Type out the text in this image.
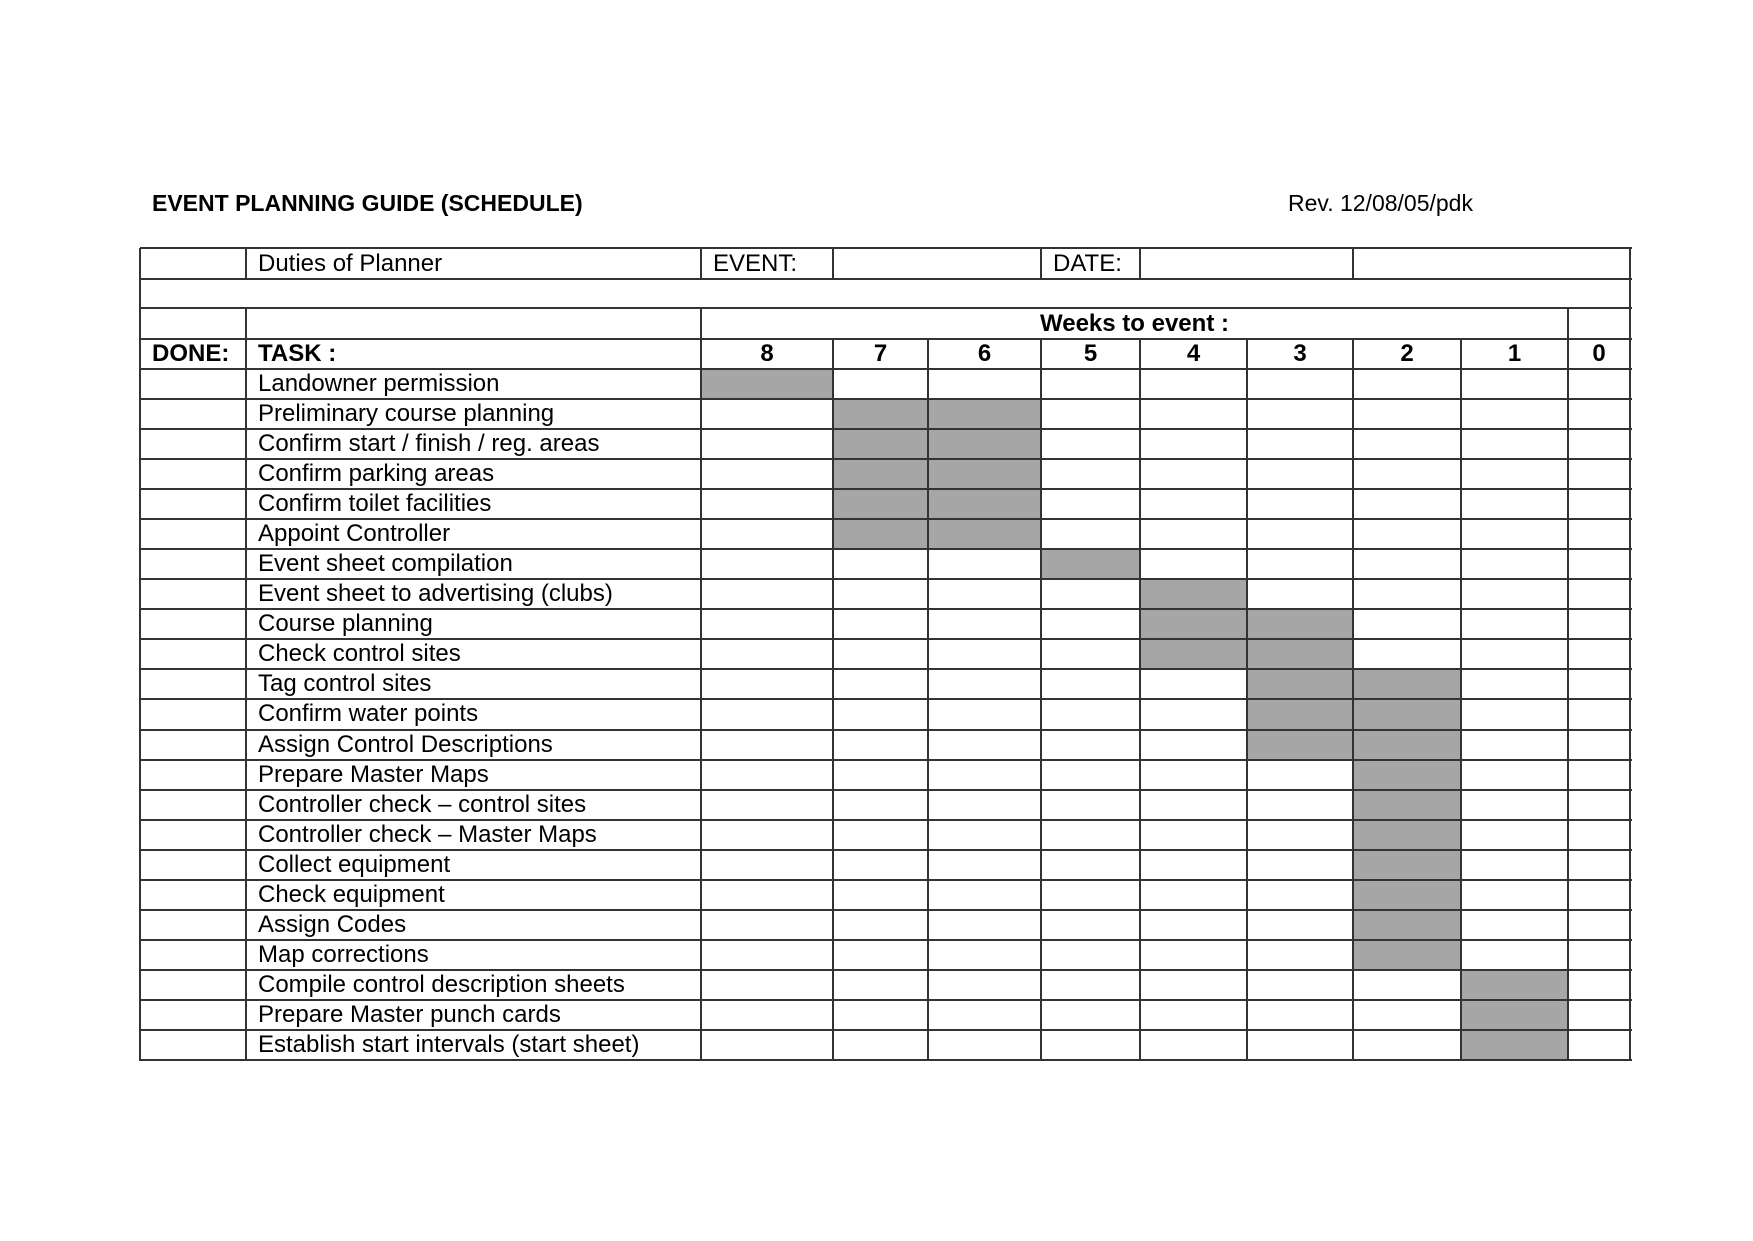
EVENT PLANNING GUIDE (SCHEDULE)	Rev. 12/08/05/pdk
Duties of Planner	EVENT:	DATE:
Weeks to event :
DONE:	TASK :	8	7	6	5	4	3	2	1	0
Landowner permission
Preliminary course planning
Confirm start / finish / reg. areas
Confirm parking areas
Confirm toilet facilities
Appoint Controller
Event sheet compilation
Event sheet to advertising (clubs)
Course planning
Check control sites
Tag control sites
Confirm water points
Assign Control Descriptions
Prepare Master Maps
Controller check – control sites
Controller check – Master Maps
Collect equipment
Check equipment
Assign Codes
Map corrections
Compile control description sheets
Prepare Master punch cards
Establish start intervals (start sheet)
